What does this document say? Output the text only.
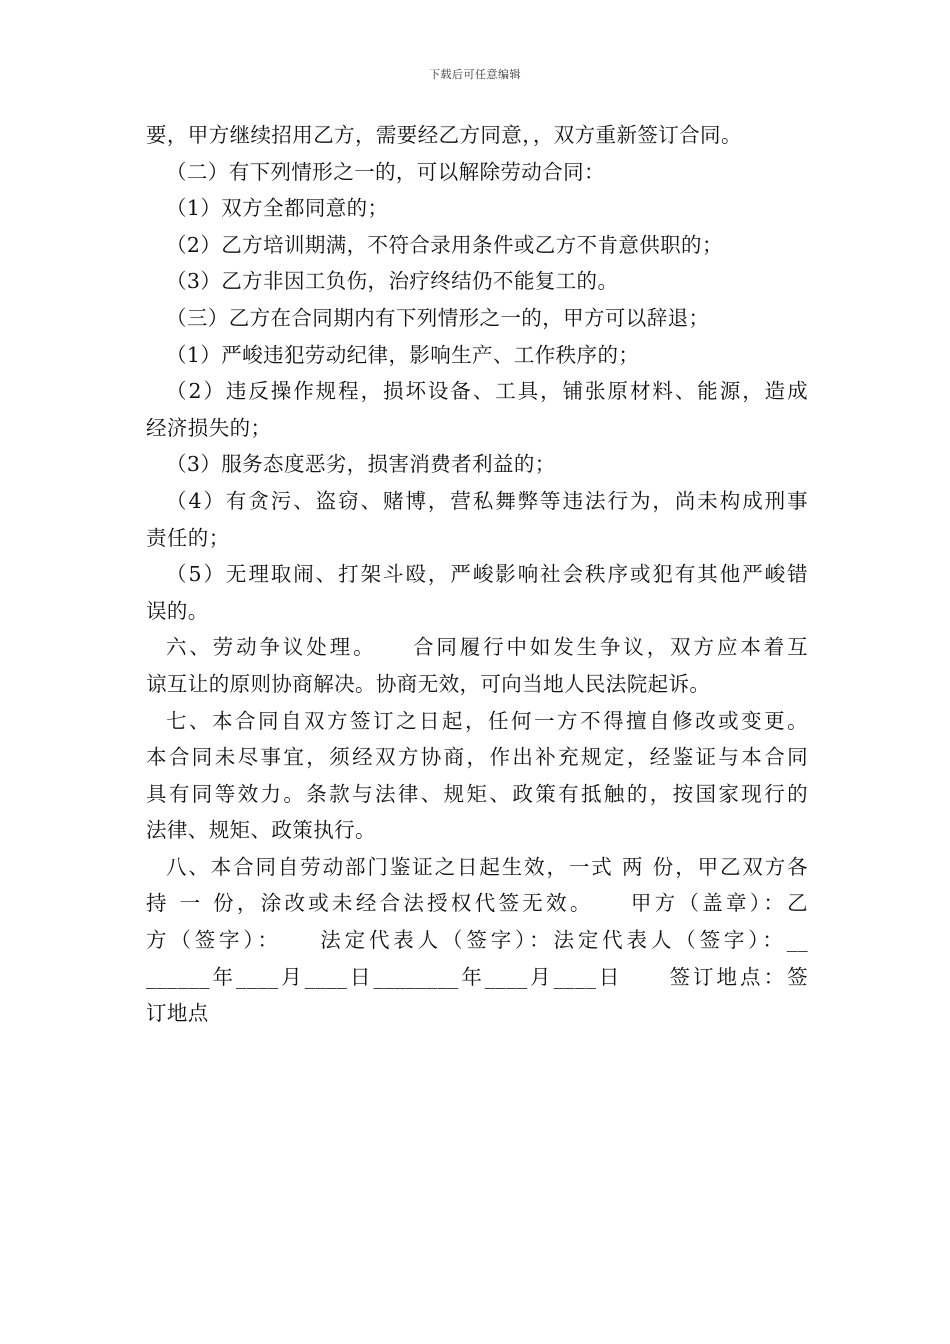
下载后可任意编辑
要，甲方继续招用乙方，需要经乙方同意，，双方重新签订合同。
（二）有下列情形之一的，可以解除劳动合同：
（1）双方全都同意的；
（2）乙方培训期满，不符合录用条件或乙方不肯意供职的；
（3）乙方非因工负伤，治疗终结仍不能复工的。
（三）乙方在合同期内有下列情形之一的，甲方可以辞退；
（1）严峻违犯劳动纪律，影响生产、工作秩序的；
（2）违反操作规程，损坏设备、工具，铺张原材料、能源，造成
经济损失的；
（3）服务态度恶劣，损害消费者利益的；
（4）有贪污、盗窃、赌博，营私舞弊等违法行为，尚未构成刑事
责任的；
（5）无理取闹、打架斗殴，严峻影响社会秩序或犯有其他严峻错
误的。
六、劳动争议处理。　　合同履行中如发生争议，双方应本着互
谅互让的原则协商解决。协商无效，可向当地人民法院起诉。
七、本合同自双方签订之日起，任何一方不得擅自修改或变更。
本合同未尽事宜，须经双方协商，作出补充规定，经鉴证与本合同
具有同等效力。条款与法律、规矩、政策有抵触的，按国家现行的
法律、规矩、政策执行。
八、本合同自劳动部门鉴证之日起生效，一式 两 份，甲乙双方各
持 一 份，涂改或未经合法授权代签无效。　　甲方（盖章）：乙
方（签字）：　　法定代表人（签字）：法定代表人（签字）：__
______年____月____日________年____月____日　　签订地点：签
订地点
